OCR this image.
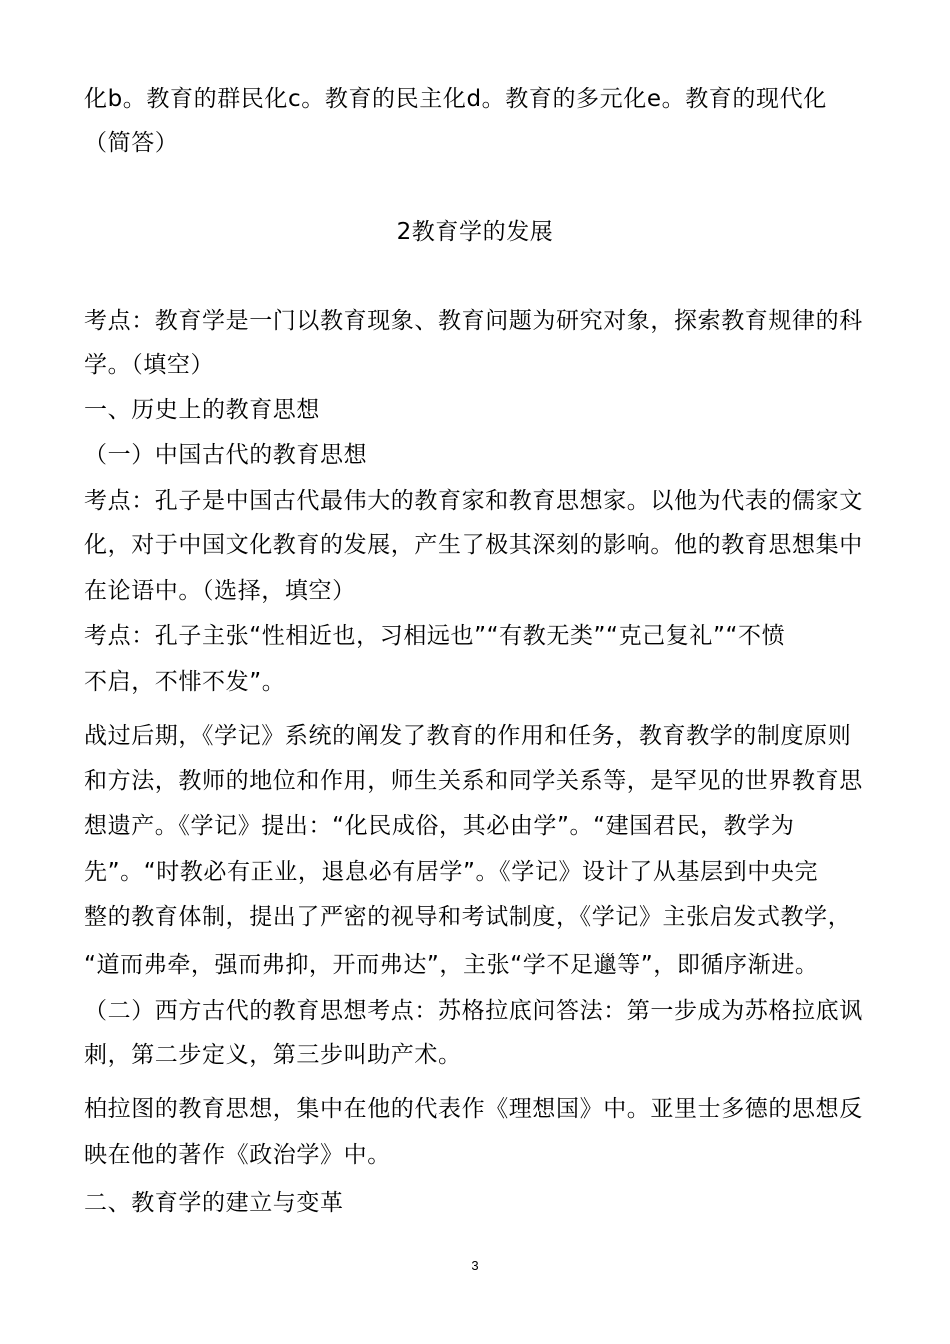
化b。教育的群民化c。教育的民主化d。教育的多元化e。教育的现代化
（简答）
2教育学的发展
考点：教育学是一门以教育现象、教育问题为研究对象，探索教育规律的科
学。（填空）
一、历史上的教育思想
（一）中国古代的教育思想
考点：孔子是中国古代最伟大的教育家和教育思想家。以他为代表的儒家文
化，对于中国文化教育的发展，产生了极其深刻的影响。他的教育思想集中
在论语中。（选择，填空）
考点：孔子主张“性相近也，习相远也”“有教无类”“克己复礼”“不愤
不启，不悱不发”。
战过后期，《学记》系统的阐发了教育的作用和任务，教育教学的制度原则
和方法，教师的地位和作用，师生关系和同学关系等，是罕见的世界教育思
想遗产。《学记》提出：“化民成俗，其必由学”。“建国君民，教学为
先”。“时教必有正业，退息必有居学”。《学记》设计了从基层到中央完
整的教育体制，提出了严密的视导和考试制度，《学记》主张启发式教学，
“道而弗牵，强而弗抑，开而弗达”，主张“学不足邋等”，即循序渐进。
（二）西方古代的教育思想考点：苏格拉底问答法：第一步成为苏格拉底讽
刺，第二步定义，第三步叫助产术。
柏拉图的教育思想，集中在他的代表作《理想国》中。亚里士多德的思想反
映在他的著作《政治学》中。
二、教育学的建立与变革
3
